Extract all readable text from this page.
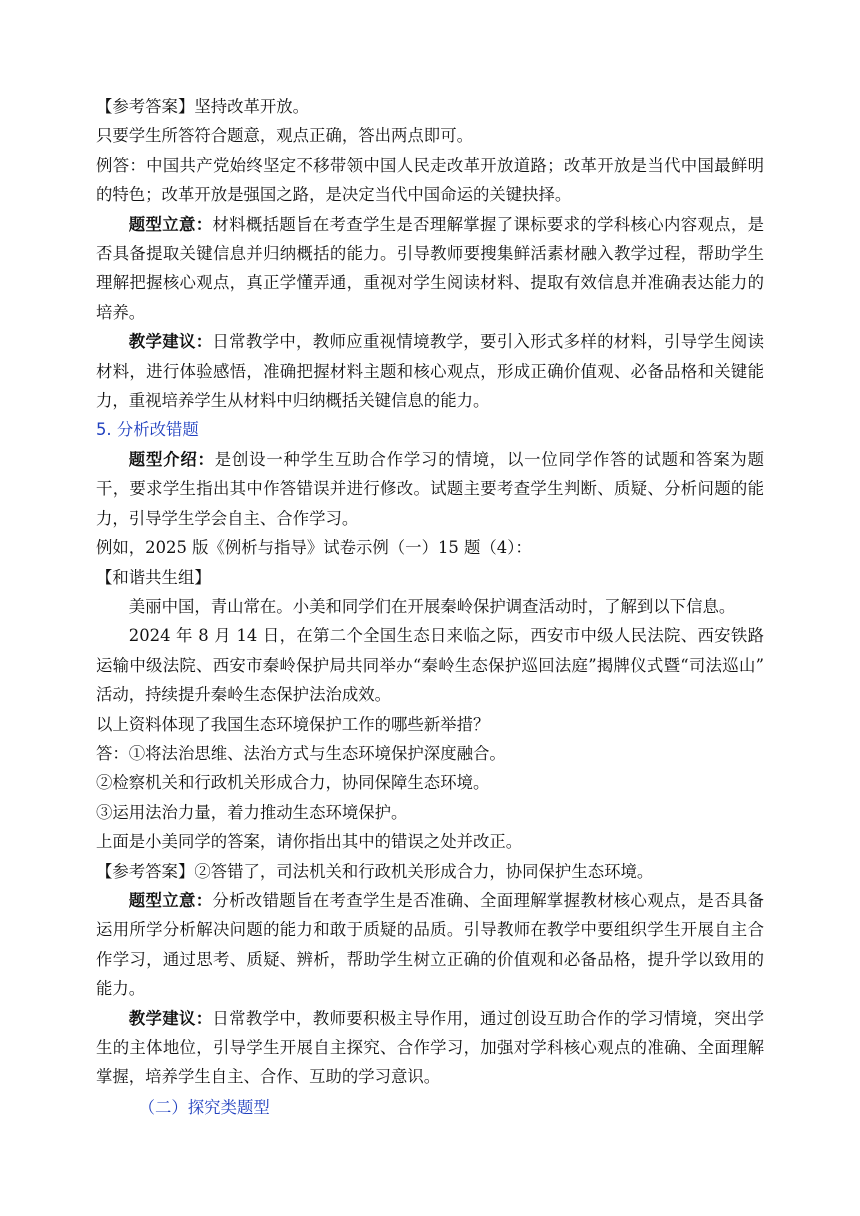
【参考答案】坚持改革开放。

只要学生所答符合题意，观点正确，答出两点即可。

例答：中国共产党始终坚定不移带领中国人民走改革开放道路；改革开放是当代中国最鲜明的特色；改革开放是强国之路，是决定当代中国命运的关键抉择。

题型立意：材料概括题旨在考查学生是否理解掌握了课标要求的学科核心内容观点，是否具备提取关键信息并归纳概括的能力。引导教师要搜集鲜活素材融入教学过程，帮助学生理解把握核心观点，真正学懂弄通，重视对学生阅读材料、提取有效信息并准确表达能力的培养。

教学建议：日常教学中，教师应重视情境教学，要引入形式多样的材料，引导学生阅读材料，进行体验感悟，准确把握材料主题和核心观点，形成正确价值观、必备品格和关键能力，重视培养学生从材料中归纳概括关键信息的能力。

5. 分析改错题

题型介绍：是创设一种学生互助合作学习的情境，以一位同学作答的试题和答案为题干，要求学生指出其中作答错误并进行修改。试题主要考查学生判断、质疑、分析问题的能力，引导学生学会自主、合作学习。

例如，2025 版《例析与指导》试卷示例（一）15 题（4）：

【和谐共生组】

美丽中国，青山常在。小美和同学们在开展秦岭保护调查活动时，了解到以下信息。

2024 年 8 月 14 日，在第二个全国生态日来临之际，西安市中级人民法院、西安铁路运输中级法院、西安市秦岭保护局共同举办“秦岭生态保护巡回法庭”揭牌仪式暨“司法巡山” 活动，持续提升秦岭生态保护法治成效。

以上资料体现了我国生态环境保护工作的哪些新举措？

答：①将法治思维、法治方式与生态环境保护深度融合。

②检察机关和行政机关形成合力，协同保障生态环境。

③运用法治力量，着力推动生态环境保护。

上面是小美同学的答案，请你指出其中的错误之处并改正。

【参考答案】②答错了，司法机关和行政机关形成合力，协同保护生态环境。

题型立意：分析改错题旨在考查学生是否准确、全面理解掌握教材核心观点，是否具备运用所学分析解决问题的能力和敢于质疑的品质。引导教师在教学中要组织学生开展自主合作学习，通过思考、质疑、辨析，帮助学生树立正确的价值观和必备品格，提升学以致用的能力。

教学建议：日常教学中，教师要积极主导作用，通过创设互助合作的学习情境，突出学生的主体地位，引导学生开展自主探究、合作学习，加强对学科核心观点的准确、全面理解掌握，培养学生自主、合作、互助的学习意识。

（二）探究类题型
